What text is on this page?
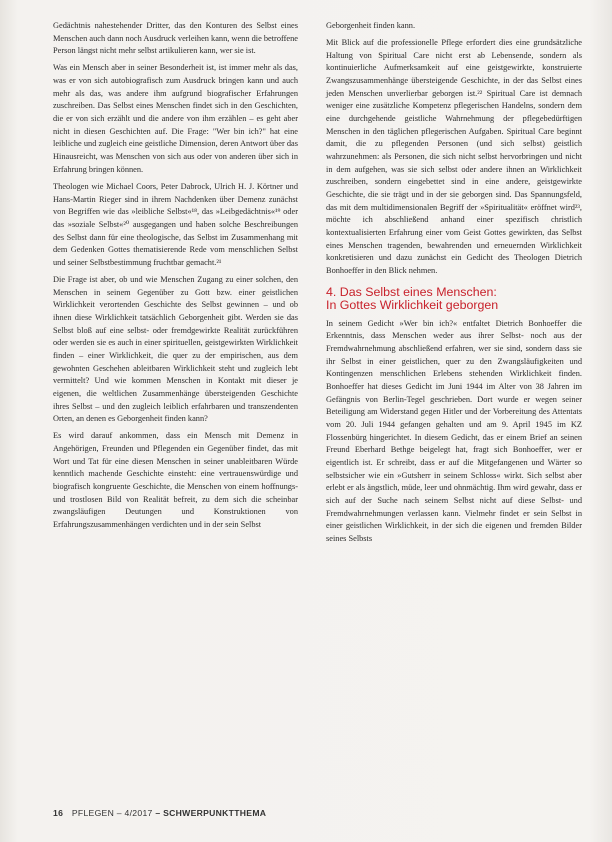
Gedächtnis nahestehender Dritter, das den Konturen des Selbst eines Menschen auch dann noch Ausdruck verleihen kann, wenn die betroffene Person längst nicht mehr selbst artikulieren kann, wer sie ist.

Was ein Mensch aber in seiner Besonderheit ist, ist immer mehr als das, was er von sich autobiografisch zum Ausdruck bringen kann und auch mehr als das, was andere ihm aufgrund biografischer Erfahrungen zuschreiben. Das Selbst eines Menschen findet sich in den Geschichten, die er von sich erzählt und die andere von ihm erzählen – es geht aber nicht in diesen Geschichten auf. Die Frage: "Wer bin ich?" hat eine leibliche und zugleich eine geistliche Dimension, deren Antwort über das Hinausreicht, was Menschen von sich aus oder von anderen über sich in Erfahrung bringen können.

Theologen wie Michael Coors, Peter Dabrock, Ulrich H. J. Körtner und Hans-Martin Rieger sind in ihrem Nachdenken über Demenz zunächst von Begriffen wie das »leibliche Selbst«¹⁸, das »Leibgedächtnis«¹⁹ oder das »soziale Selbst«²⁰ ausgegangen und haben solche Beschreibungen des Selbst dann für eine theologische, das Selbst im Zusammenhang mit dem Gedenken Gottes thematisierende Rede vom menschlichen Selbst und seiner Selbstbestimmung fruchtbar gemacht.²¹

Die Frage ist aber, ob und wie Menschen Zugang zu einer solchen, den Menschen in seinem Gegenüber zu Gott bzw. einer geistlichen Wirklichkeit verortenden Geschichte des Selbst gewinnen – und ob ihnen diese Wirklichkeit tatsächlich Geborgenheit gibt. Werden sie das Selbst bloß auf eine selbst- oder fremdgewirkte Realität zurückführen oder werden sie es auch in einer spirituellen, geistgewirkten Wirklichkeit finden – einer Wirklichkeit, die quer zu der empirischen, aus dem gewohnten Geschehen ableitbaren Wirklichkeit steht und zugleich lebt vermittelt? Und wie kommen Menschen in Kontakt mit dieser je eigenen, die weltlichen Zusammenhänge übersteigenden Geschichte ihres Selbst – und den zugleich leiblich erfahrbaren und transzendenten Orten, an denen es Geborgenheit finden kann?

Es wird darauf ankommen, dass ein Mensch mit Demenz in Angehörigen, Freunden und Pflegenden ein Gegenüber findet, das mit Wort und Tat für eine diesen Menschen in seiner unableitbaren Würde kenntlich machende Geschichte einsteht: eine vertrauenswürdige und biografisch kongruente Geschichte, die Menschen von einem hoffnungs- und trostlosen Bild von Realität befreit, zu dem sich die scheinbar zwangsläufigen Deutungen und Konstruktionen von Erfahrungszusammenhängen verdichten und in der sein Selbst

Geborgenheit finden kann.

Mit Blick auf die professionelle Pflege erfordert dies eine grundsätzliche Haltung von Spiritual Care nicht erst ab Lebensende, sondern als kontinuierliche Aufmerksamkeit auf eine geistgewirkte, konstruierte Zwangszusammenhänge übersteigende Geschichte, in der das Selbst eines jeden Menschen unverlierbar geborgen ist.²² Spiritual Care ist demnach weniger eine zusätzliche Kompetenz pflegerischen Handelns, sondern dem eine durchgehende geistliche Wahrnehmung der pflegebedürftigen Menschen in den täglichen pflegerischen Aufgaben. Spiritual Care beginnt damit, die zu pflegenden Personen (und sich selbst) geistlich wahrzunehmen: als Personen, die sich nicht selbst hervorbringen und nicht in dem aufgehen, was sie sich selbst oder andere ihnen an Wirklichkeit zuschreiben, sondern eingebettet sind in eine andere, geistgewirkte Geschichte, die sie trägt und in der sie geborgen sind. Das Spannungsfeld, das mit dem multidimensionalen Begriff der »Spiritualität« eröffnet wird²³, möchte ich abschließend anhand einer spezifisch christlich kontextualisierten Erfahrung einer vom Geist Gottes gewirkten, das Selbst eines Menschen tragenden, bewahrenden und erneuernden Wirklichkeit konkretisieren und dazu zunächst ein Gedicht des Theologen Dietrich Bonhoeffer in den Blick nehmen.

4. Das Selbst eines Menschen:
In Gottes Wirklichkeit geborgen

In seinem Gedicht »Wer bin ich?« entfaltet Dietrich Bonhoeffer die Erkenntnis, dass Menschen weder aus ihrer Selbst- noch aus der Fremdwahrnehmung abschließend erfahren, wer sie sind, sondern dass sie ihr Selbst in einer geistlichen, quer zu den Zwangsläufigkeiten und Kontingenzen menschlichen Erlebens stehenden Wirklichkeit finden. Bonhoeffer hat dieses Gedicht im Juni 1944 im Alter von 38 Jahren im Gefängnis von Berlin-Tegel geschrieben. Dort wurde er wegen seiner Beteiligung am Widerstand gegen Hitler und der Vorbereitung des Attentats vom 20. Juli 1944 gefangen gehalten und am 9. April 1945 im KZ Flossenbürg hingerichtet. In diesem Gedicht, das er einem Brief an seinen Freund Eberhard Bethge beigelegt hat, fragt sich Bonhoeffer, wer er eigentlich ist. Er schreibt, dass er auf die Mitgefangenen und Wärter so selbstsicher wie ein »Gutsherr in seinem Schloss« wirkt. Sich selbst aber erlebt er als ängstlich, müde, leer und ohnmächtig. Ihm wird gewahr, dass er sich auf der Suche nach seinem Selbst nicht auf diese Selbst- und Fremdwahrnehmungen verlassen kann. Vielmehr findet er sein Selbst in einer geistlichen Wirklichkeit, in der sich die eigenen und fremden Bilder seines Selbsts

16 PFLEGEN – 4/2017 – SCHWERPUNKTTHEMA
